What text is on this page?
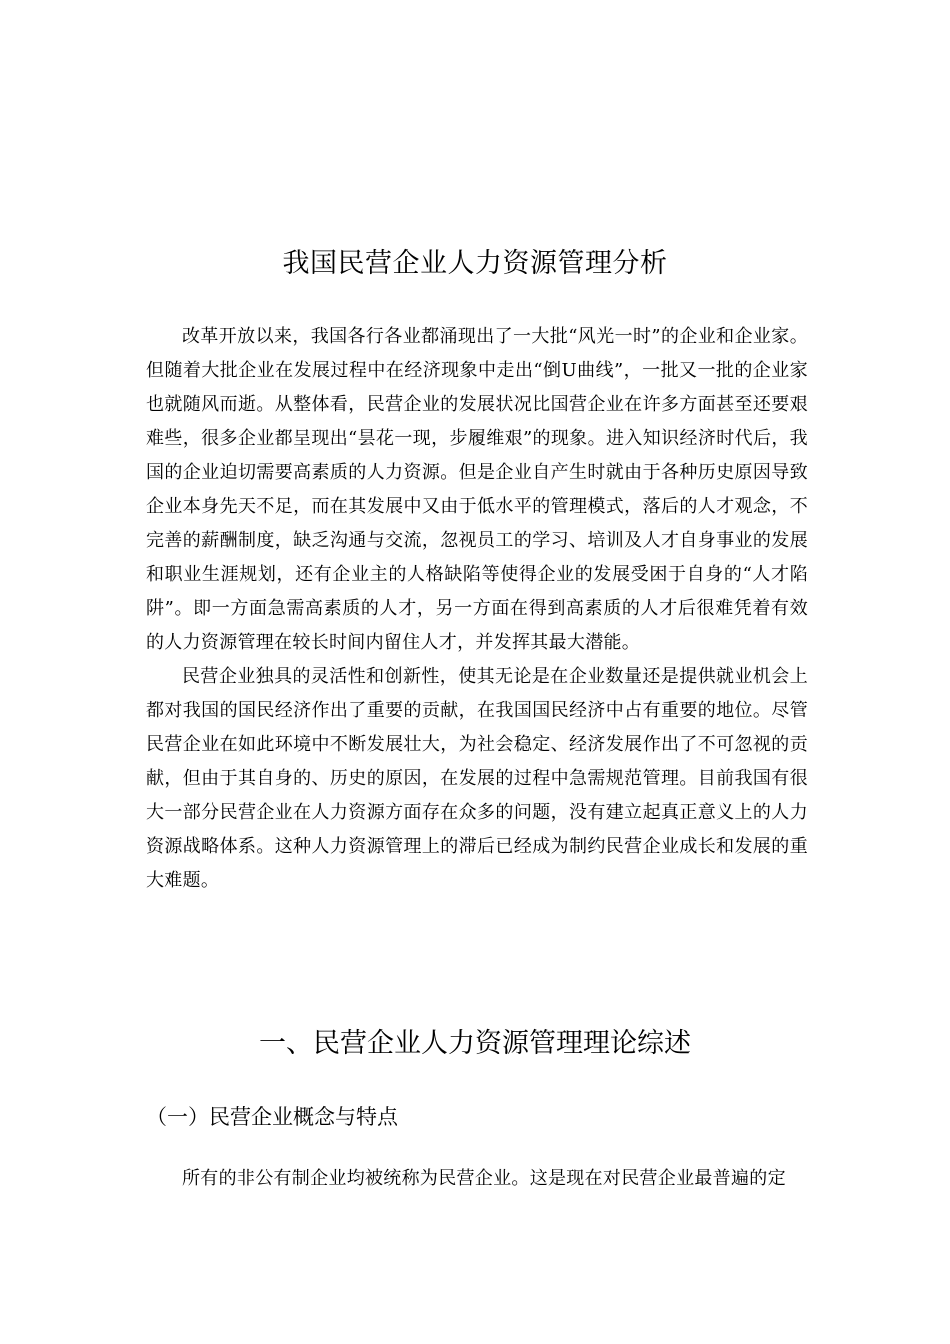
我国民营企业人力资源管理分析

改革开放以来，我国各行各业都涌现出了一大批“风光一时”的企业和企业家。但随着大批企业在发展过程中在经济现象中走出“倒U曲线”，一批又一批的企业家也就随风而逝。从整体看，民营企业的发展状况比国营企业在许多方面甚至还要艰难些，很多企业都呈现出“昙花一现，步履维艰”的现象。进入知识经济时代后，我国的企业迫切需要高素质的人力资源。但是企业自产生时就由于各种历史原因导致企业本身先天不足，而在其发展中又由于低水平的管理模式，落后的人才观念，不完善的薪酬制度，缺乏沟通与交流，忽视员工的学习、培训及人才自身事业的发展和职业生涯规划，还有企业主的人格缺陷等使得企业的发展受困于自身的“人才陷阱”。即一方面急需高素质的人才，另一方面在得到高素质的人才后很难凭着有效的人力资源管理在较长时间内留住人才，并发挥其最大潜能。

民营企业独具的灵活性和创新性，使其无论是在企业数量还是提供就业机会上都对我国的国民经济作出了重要的贡献，在我国国民经济中占有重要的地位。尽管民营企业在如此环境中不断发展壮大，为社会稳定、经济发展作出了不可忽视的贡献，但由于其自身的、历史的原因，在发展的过程中急需规范管理。目前我国有很大一部分民营企业在人力资源方面存在众多的问题，没有建立起真正意义上的人力资源战略体系。这种人力资源管理上的滞后已经成为制约民营企业成长和发展的重大难题。

一、民营企业人力资源管理理论综述
（一）民营企业概念与特点

所有的非公有制企业均被统称为民营企业。这是现在对民营企业最普遍的定
